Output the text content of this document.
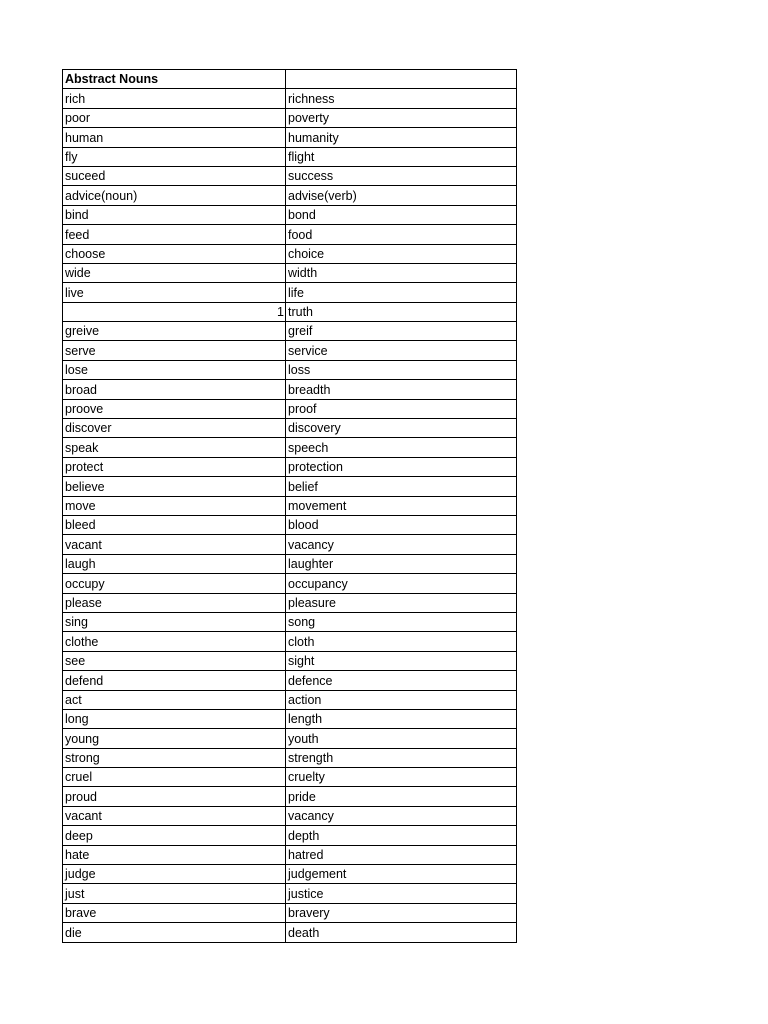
Abstract Nouns	
rich	richness
poor	poverty
human	humanity
fly	flight
suceed	success
advice(noun)	advise(verb)
bind	bond
feed	food
choose	choice
wide	width
live	life
1	truth
greive	greif
serve	service
lose	loss
broad	breadth
proove	proof
discover	discovery
speak	speech
protect	protection
believe	belief
move	movement
bleed	blood
vacant	vacancy
laugh	laughter
occupy	occupancy
please	pleasure
sing	song
clothe	cloth
see	sight
defend	defence
act	action
long	length
young	youth
strong	strength
cruel	cruelty
proud	pride
vacant	vacancy
deep	depth
hate	hatred
judge	judgement
just	justice
brave	bravery
die	death
